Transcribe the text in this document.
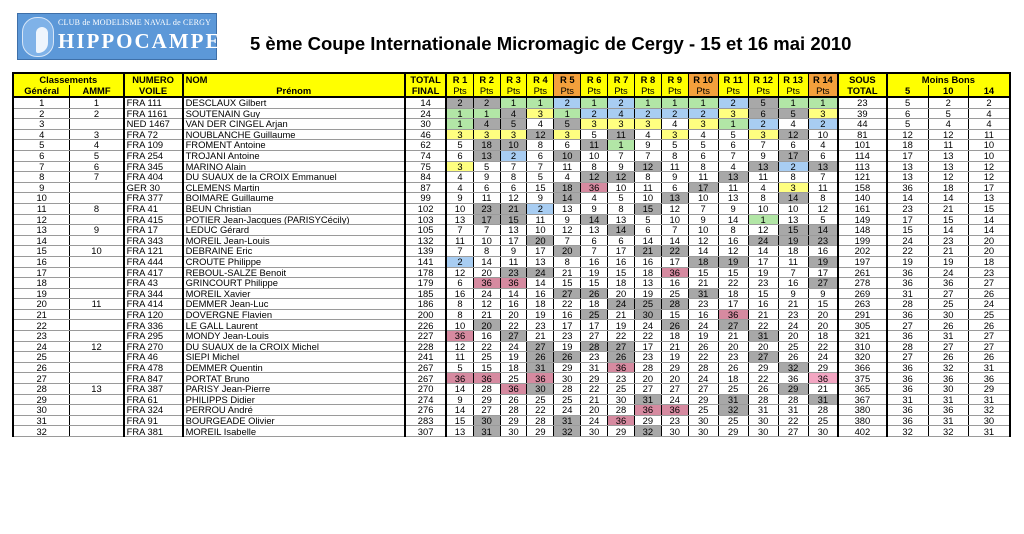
CLUB de MODELISME NAVAL de CERGY
HIPPOCAMPE 5 ème Coupe Internationale Micromagic de Cergy - 15 et 16 mai 2010
Classements		NUMERO	NOM	TOTAL	R 1	R 2	R 3	R 4	R 5	R 6	R 7	R 8	R 9	R 10	R 11	R 12	R 13	R 14	SOUS	Moins Bons		
Général	AMMF	VOILE	Prénom	FINAL	Pts	Pts	Pts	Pts	Pts	Pts	Pts	Pts	Pts	Pts	Pts	Pts	Pts	Pts	TOTAL	5	10	14
1	1	FRA 111	DESCLAUX Gilbert	14	2	2	1	1	2	1	2	1	1	1	2	5	1	1	23	5	2	2
2	2	FRA 1161	SOUTENAIN Guy	24	1	1	4	3	1	2	4	2	2	2	3	6	5	3	39	6	5	4
3		NED 1467	VAN DER CINGEL Arjan	30	1	4	5	4	5	3	3	3	4	3	1	2	4	2	44	5	4	4
4	3	FRA 72	NOUBLANCHE Guillaume	46	3	3	3	12	3	5	11	4	3	4	5	3	12	10	81	12	12	11
5	4	FRA 109	FROMENT Antoine	62	5	18	10	8	6	11	1	9	5	5	6	7	6	4	101	18	11	10
6	5	FRA 254	TROJANI Antoine	74	6	13	2	6	10	10	7	7	8	6	7	9	17	6	114	17	13	10
7	6	FRA 345	MARINO Alain	75	3	5	7	7	11	8	9	12	11	8	4	13	2	13	113	13	13	12
8	7	FRA 404	DU SUAUX de la CROIX Emmanuel	84	4	9	8	5	4	12	12	8	9	11	13	11	8	7	121	13	12	12
9		GER 30	CLEMENS Martin	87	4	6	6	15	18	36	10	11	6	17	11	4	3	11	158	36	18	17
10		FRA 377	BOIMARE Guillaume	99	9	11	12	9	14	4	5	10	13	10	13	8	14	8	140	14	14	13
11	8	FRA 41	BEUN Christian	102	10	23	21	2	13	9	8	15	12	7	9	10	10	12	161	23	21	15
12		FRA 415	POTIER Jean-Jacques (PARISYCécily)	103	13	17	15	11	9	14	13	5	10	9	14	1	13	5	149	17	15	14
13	9	FRA 17	LEDUC Gérard	105	7	7	13	10	12	13	14	6	7	10	8	12	15	14	148	15	14	14
14		FRA 343	MOREIL Jean-Louis	132	11	10	17	20	7	6	6	14	14	12	16	24	19	23	199	24	23	20
15	10	FRA 121	DEBRAINE Eric	139	7	8	9	17	20	7	17	21	22	14	12	14	18	16	202	22	21	20
16		FRA 444	CROUTE Philippe	141	2	14	11	13	8	16	16	16	17	18	19	17	11	19	197	19	19	18
17		FRA 417	REBOUL-SALZE Benoit	178	12	20	23	24	21	19	15	18	36	15	15	19	7	17	261	36	24	23
18		FRA 43	GRINCOURT Philippe	179	6	36	36	14	15	15	18	13	16	21	22	23	16	27	278	36	36	27
19		FRA 344	MOREIL Xavier	185	16	24	14	16	27	26	20	19	25	31	18	15	9	9	269	31	27	26
20	11	FRA 414	DEMMER Jean-Luc	186	8	12	16	18	22	18	24	25	28	23	17	16	21	15	263	28	25	24
21		FRA 120	DOVERGNE Flavien	200	8	21	20	19	16	25	21	30	15	16	36	21	23	20	291	36	30	25
22		FRA 336	LE GALL Laurent	226	10	20	22	23	17	17	19	24	26	24	27	22	24	20	305	27	26	26
23		FRA 295	MONDY Jean-Louis	227	36	16	27	21	23	27	22	22	18	19	21	31	20	18	321	36	31	27
24	12	FRA 270	DU SUAUX de la CROIX Michel	228	12	22	24	27	19	28	27	17	21	26	20	20	25	22	310	28	27	27
25		FRA 46	SIEPI Michel	241	11	25	19	26	26	23	26	23	19	22	23	27	26	24	320	27	26	26
26		FRA 478	DEMMER Quentin	267	5	15	18	31	29	31	36	28	29	28	26	29	32	29	366	36	32	31
27		FRA 847	PORTAT Bruno	267	36	36	25	36	30	29	23	20	20	24	18	22	36	36	375	36	36	36
28	13	FRA 387	PARISY Jean-Pierre	270	14	28	36	30	28	22	25	27	27	27	25	26	29	21	365	36	30	29
29		FRA 61	PHILIPPS Didier	274	9	29	26	25	25	21	30	31	24	29	31	28	28	31	367	31	31	31
30		FRA 324	PERROU André	276	14	27	28	22	24	20	28	36	36	25	32	31	31	28	380	36	36	32
31		FRA 91	BOURGEADE Olivier	283	15	30	29	28	31	24	36	29	23	30	25	30	22	25	380	36	31	30
32		FRA 381	MOREIL Isabelle	307	13	31	30	29	32	30	29	32	30	30	29	30	27	30	402	32	32	31
